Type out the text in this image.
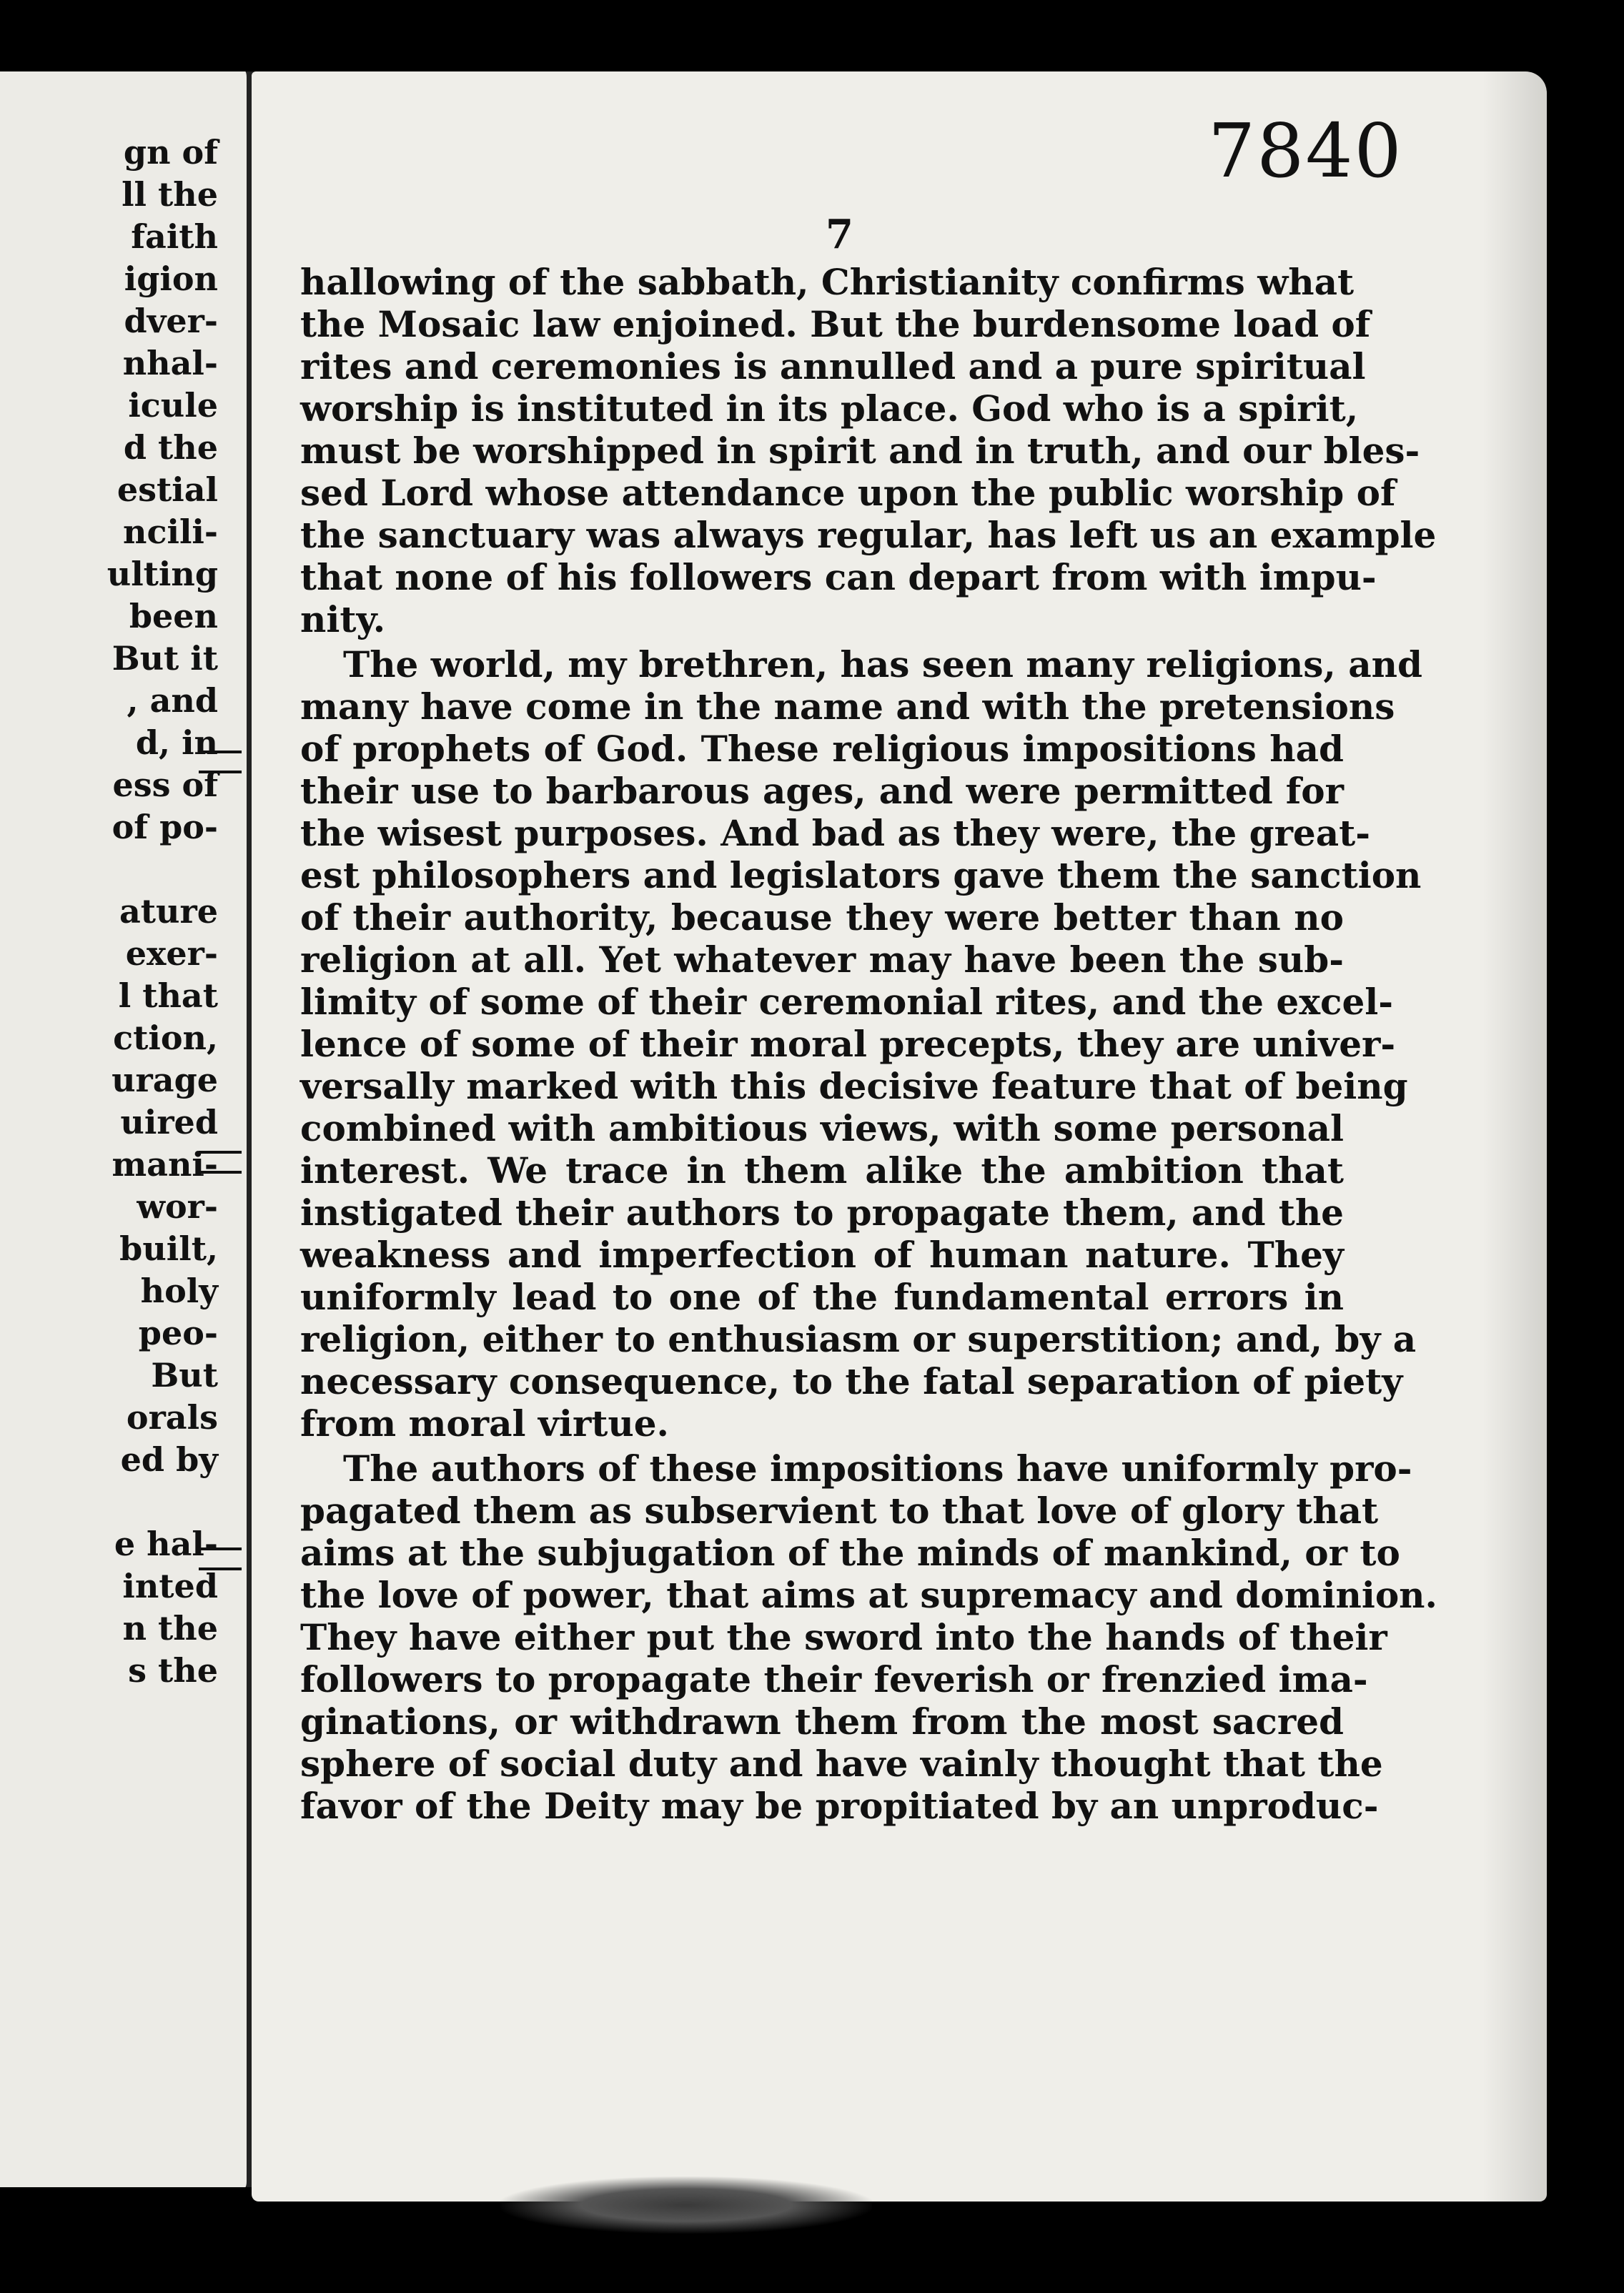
gn of
ll the
faith
igion
dver-
nhal-
icule
d the
estial
ncili-
ulting
been
But it
, and
d, in
ess of
of po-
ature
exer-
l that
ction,
urage
uired
mani-
wor-
built,
holy
peo-
But
orals
ed by
e hal-
inted
n the
s the
7840
7
hallowing of the sabbath, Christianity confirms what
the Mosaic law enjoined. But the burdensome load of
rites and ceremonies is annulled and a pure spiritual
worship is instituted in its place. God who is a spirit,
must be worshipped in spirit and in truth, and our bles-
sed Lord whose attendance upon the public worship of
the sanctuary was always regular, has left us an example
that none of his followers can depart from with impu-
nity.
The world, my brethren, has seen many religions, and
many have come in the name and with the pretensions
of prophets of God. These religious impositions had
their use to barbarous ages, and were permitted for
the wisest purposes. And bad as they were, the great-
est philosophers and legislators gave them the sanction
of their authority, because they were better than no
religion at all. Yet whatever may have been the sub-
limity of some of their ceremonial rites, and the excel-
lence of some of their moral precepts, they are univer-
versally marked with this decisive feature that of being
combined with ambitious views, with some personal
interest. We trace in them alike the ambition that
instigated their authors to propagate them, and the
weakness and imperfection of human nature. They
uniformly lead to one of the fundamental errors in
religion, either to enthusiasm or superstition; and, by a
necessary consequence, to the fatal separation of piety
from moral virtue.
The authors of these impositions have uniformly pro-
pagated them as subservient to that love of glory that
aims at the subjugation of the minds of mankind, or to
the love of power, that aims at supremacy and dominion.
They have either put the sword into the hands of their
followers to propagate their feverish or frenzied ima-
ginations, or withdrawn them from the most sacred
sphere of social duty and have vainly thought that the
favor of the Deity may be propitiated by an unproduc-
